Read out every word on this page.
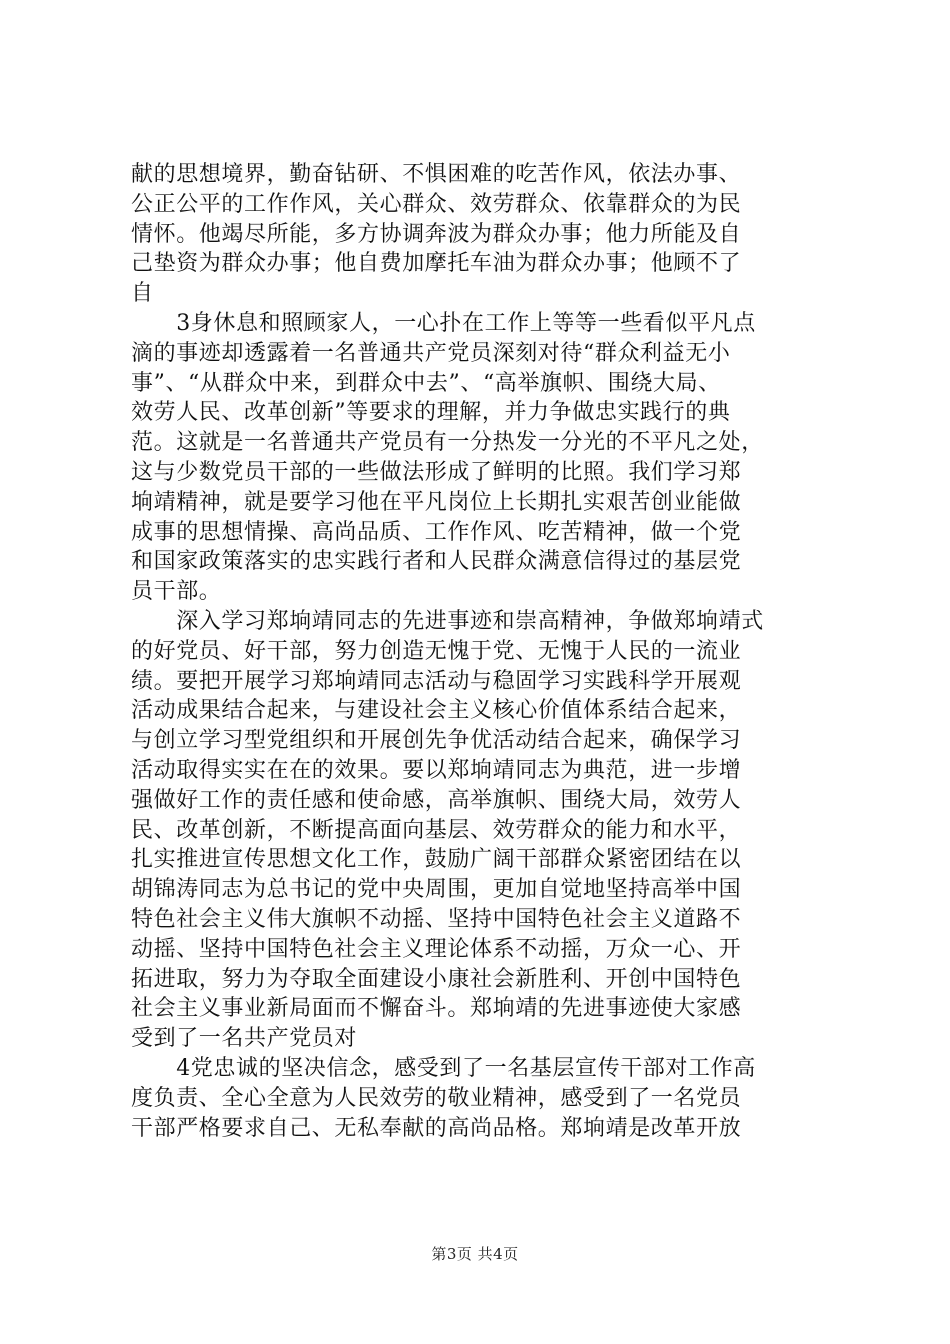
献的思想境界，勤奋钻研、不惧困难的吃苦作风，依法办事、
公正公平的工作作风，关心群众、效劳群众、依靠群众的为民
情怀。他竭尽所能，多方协调奔波为群众办事；他力所能及自
己垫资为群众办事；他自费加摩托车油为群众办事；他顾不了
自
　　3身休息和照顾家人，一心扑在工作上等等一些看似平凡点
滴的事迹却透露着一名普通共产党员深刻对待“群众利益无小
事”、“从群众中来，到群众中去”、“高举旗帜、围绕大局、
效劳人民、改革创新”等要求的理解，并力争做忠实践行的典
范。这就是一名普通共产党员有一分热发一分光的不平凡之处，
这与少数党员干部的一些做法形成了鲜明的比照。我们学习郑
垧靖精神，就是要学习他在平凡岗位上长期扎实艰苦创业能做
成事的思想情操、高尚品质、工作作风、吃苦精神，做一个党
和国家政策落实的忠实践行者和人民群众满意信得过的基层党
员干部。
　　深入学习郑垧靖同志的先进事迹和崇高精神，争做郑垧靖式
的好党员、好干部，努力创造无愧于党、无愧于人民的一流业
绩。要把开展学习郑垧靖同志活动与稳固学习实践科学开展观
活动成果结合起来，与建设社会主义核心价值体系结合起来，
与创立学习型党组织和开展创先争优活动结合起来，确保学习
活动取得实实在在的效果。要以郑垧靖同志为典范，进一步增
强做好工作的责任感和使命感，高举旗帜、围绕大局，效劳人
民、改革创新，不断提高面向基层、效劳群众的能力和水平，
扎实推进宣传思想文化工作，鼓励广阔干部群众紧密团结在以
胡锦涛同志为总书记的党中央周围，更加自觉地坚持高举中国
特色社会主义伟大旗帜不动摇、坚持中国特色社会主义道路不
动摇、坚持中国特色社会主义理论体系不动摇，万众一心、开
拓进取，努力为夺取全面建设小康社会新胜利、开创中国特色
社会主义事业新局面而不懈奋斗。郑垧靖的先进事迹使大家感
受到了一名共产党员对
　　4党忠诚的坚决信念，感受到了一名基层宣传干部对工作高
度负责、全心全意为人民效劳的敬业精神，感受到了一名党员
干部严格要求自己、无私奉献的高尚品格。郑垧靖是改革开放
第3页 共4页
